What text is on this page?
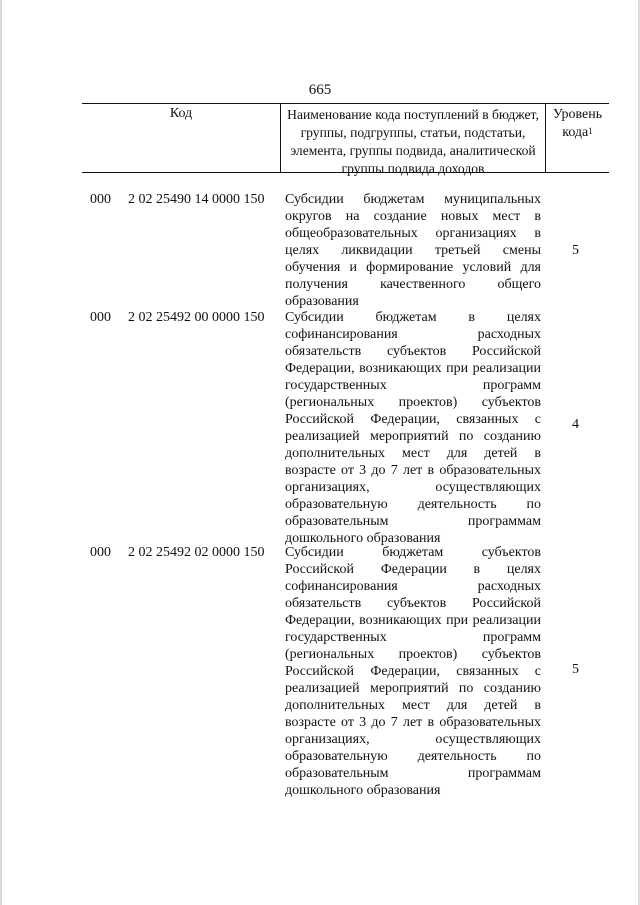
665
Код	Наименование кода поступлений в бюджет, группы, подгруппы, статьи, подстатьи, элемента, группы подвида, аналитической группы подвида доходов
Уровень кода$^1$
000 2 02 25490 14 0000 150 Субсидии бюджетам муниципальных округов на создание новых мест в общеобразовательных организациях в целях ликвидации третьей смены обучения и формирование условий для получения качественного общего образования
5
000 2 02 25492 00 0000 150 Субсидии бюджетам в целях софинансирования расходных обязательств субъектов Российской Федерации, возникающих при реализации государственных программ (региональных проектов) субъектов Российской Федерации, связанных с реализацией мероприятий по созданию дополнительных мест для детей в возрасте от 3 до 7 лет в образовательных организациях, осуществляющих образовательную деятельность по образовательным программам дошкольного образования
4
000 2 02 25492 02 0000 150 Субсидии бюджетам субъектов Российской Федерации в целях софинансирования расходных обязательств субъектов Российской Федерации, возникающих при реализации государственных программ (региональных проектов) субъектов Российской Федерации, связанных с реализацией мероприятий по созданию дополнительных мест для детей в возрасте от 3 до 7 лет в образовательных организациях, осуществляющих образовательную деятельность по образовательным программам дошкольного образования
5
